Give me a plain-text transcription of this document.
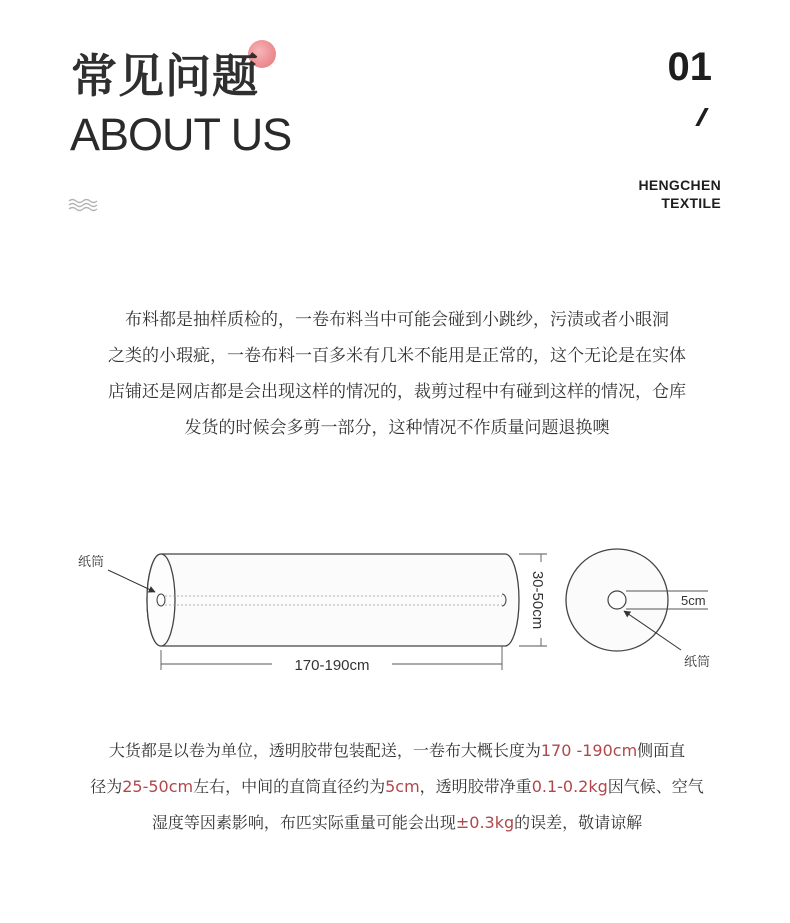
常见问题
ABOUT US
01
HENGCHEN
TEXTILE
布料都是抽样质检的，一卷布料当中可能会碰到小跳纱，污渍或者小眼洞
之类的小瑕疵，一卷布料一百多米有几米不能用是正常的，这个无论是在实体
店铺还是网店都是会出现这样的情况的，裁剪过程中有碰到这样的情况，仓库
发货的时候会多剪一部分，这种情况不作质量问题退换噢
纸筒
170-190cm
30-50cm	5cm
纸筒
大货都是以卷为单位，透明胶带包装配送，一卷布大概长度为170 -190cm侧面直
径为25-50cm左右，中间的直筒直径约为5cm，透明胶带净重0.1-0.2kg因气候、空气
湿度等因素影响，布匹实际重量可能会出现±0.3kg的误差，敬请谅解
